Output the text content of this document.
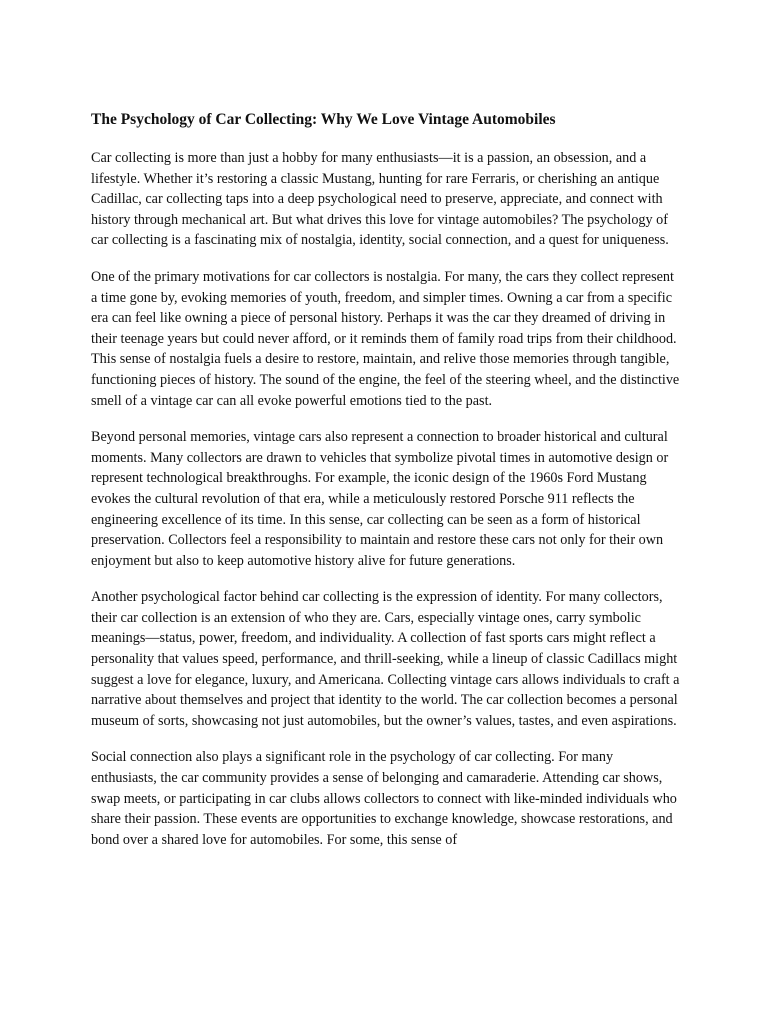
The Psychology of Car Collecting: Why We Love Vintage Automobiles

Car collecting is more than just a hobby for many enthusiasts—it is a passion, an obsession, and a lifestyle. Whether it’s restoring a classic Mustang, hunting for rare Ferraris, or cherishing an antique Cadillac, car collecting taps into a deep psychological need to preserve, appreciate, and connect with history through mechanical art. But what drives this love for vintage automobiles? The psychology of car collecting is a fascinating mix of nostalgia, identity, social connection, and a quest for uniqueness.

One of the primary motivations for car collectors is nostalgia. For many, the cars they collect represent a time gone by, evoking memories of youth, freedom, and simpler times. Owning a car from a specific era can feel like owning a piece of personal history. Perhaps it was the car they dreamed of driving in their teenage years but could never afford, or it reminds them of family road trips from their childhood. This sense of nostalgia fuels a desire to restore, maintain, and relive those memories through tangible, functioning pieces of history. The sound of the engine, the feel of the steering wheel, and the distinctive smell of a vintage car can all evoke powerful emotions tied to the past.

Beyond personal memories, vintage cars also represent a connection to broader historical and cultural moments. Many collectors are drawn to vehicles that symbolize pivotal times in automotive design or represent technological breakthroughs. For example, the iconic design of the 1960s Ford Mustang evokes the cultural revolution of that era, while a meticulously restored Porsche 911 reflects the engineering excellence of its time. In this sense, car collecting can be seen as a form of historical preservation. Collectors feel a responsibility to maintain and restore these cars not only for their own enjoyment but also to keep automotive history alive for future generations.

Another psychological factor behind car collecting is the expression of identity. For many collectors, their car collection is an extension of who they are. Cars, especially vintage ones, carry symbolic meanings—status, power, freedom, and individuality. A collection of fast sports cars might reflect a personality that values speed, performance, and thrill-seeking, while a lineup of classic Cadillacs might suggest a love for elegance, luxury, and Americana. Collecting vintage cars allows individuals to craft a narrative about themselves and project that identity to the world. The car collection becomes a personal museum of sorts, showcasing not just automobiles, but the owner’s values, tastes, and even aspirations.

Social connection also plays a significant role in the psychology of car collecting. For many enthusiasts, the car community provides a sense of belonging and camaraderie. Attending car shows, swap meets, or participating in car clubs allows collectors to connect with like-minded individuals who share their passion. These events are opportunities to exchange knowledge, showcase restorations, and bond over a shared love for automobiles. For some, this sense of
